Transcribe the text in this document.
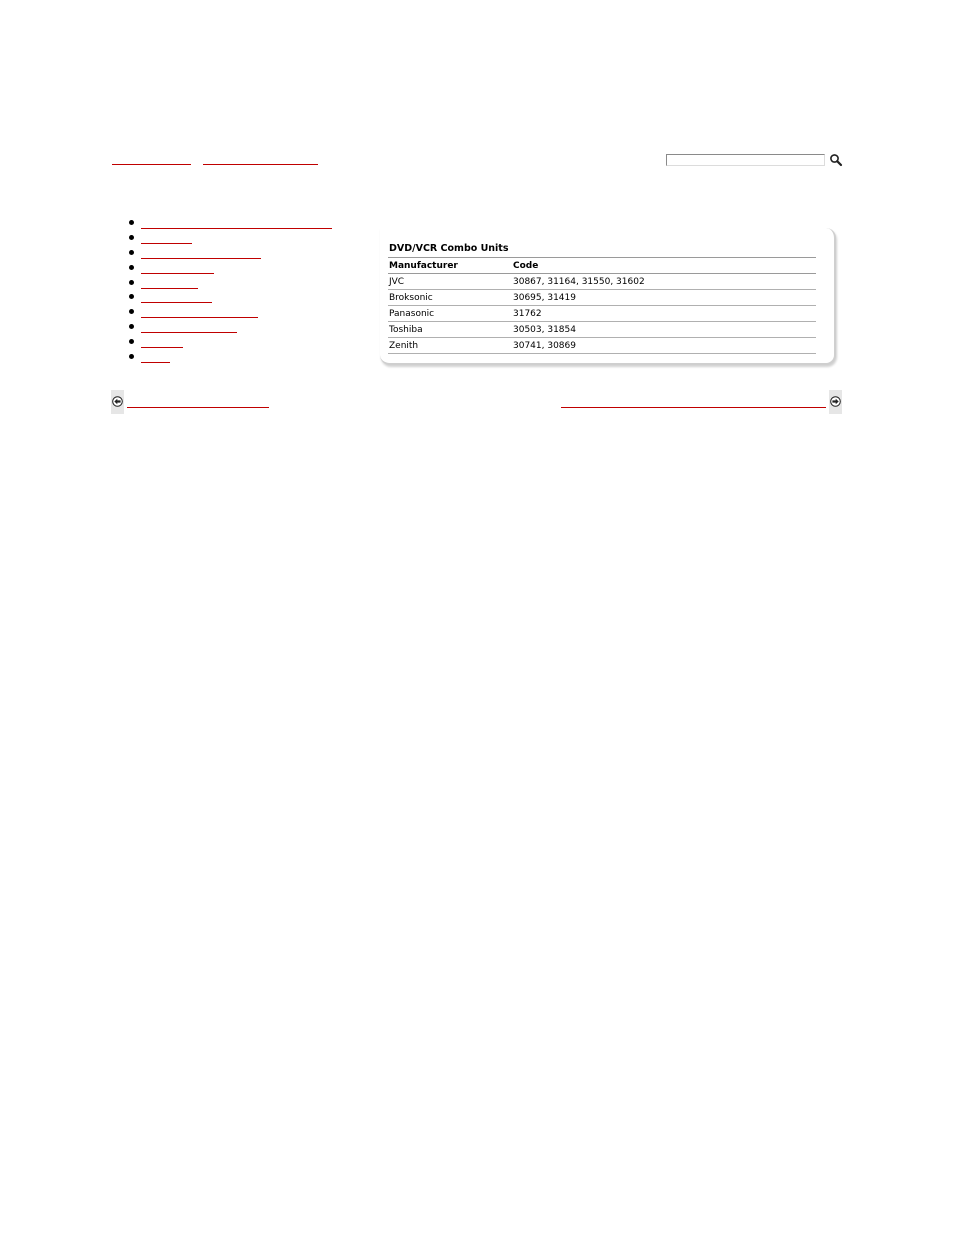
DVD/VCR Combo Units
Manufacturer	Code
JVC	30867, 31164, 31550, 31602
Broksonic	30695, 31419
Panasonic	31762
Toshiba	30503, 31854
Zenith	30741, 30869
